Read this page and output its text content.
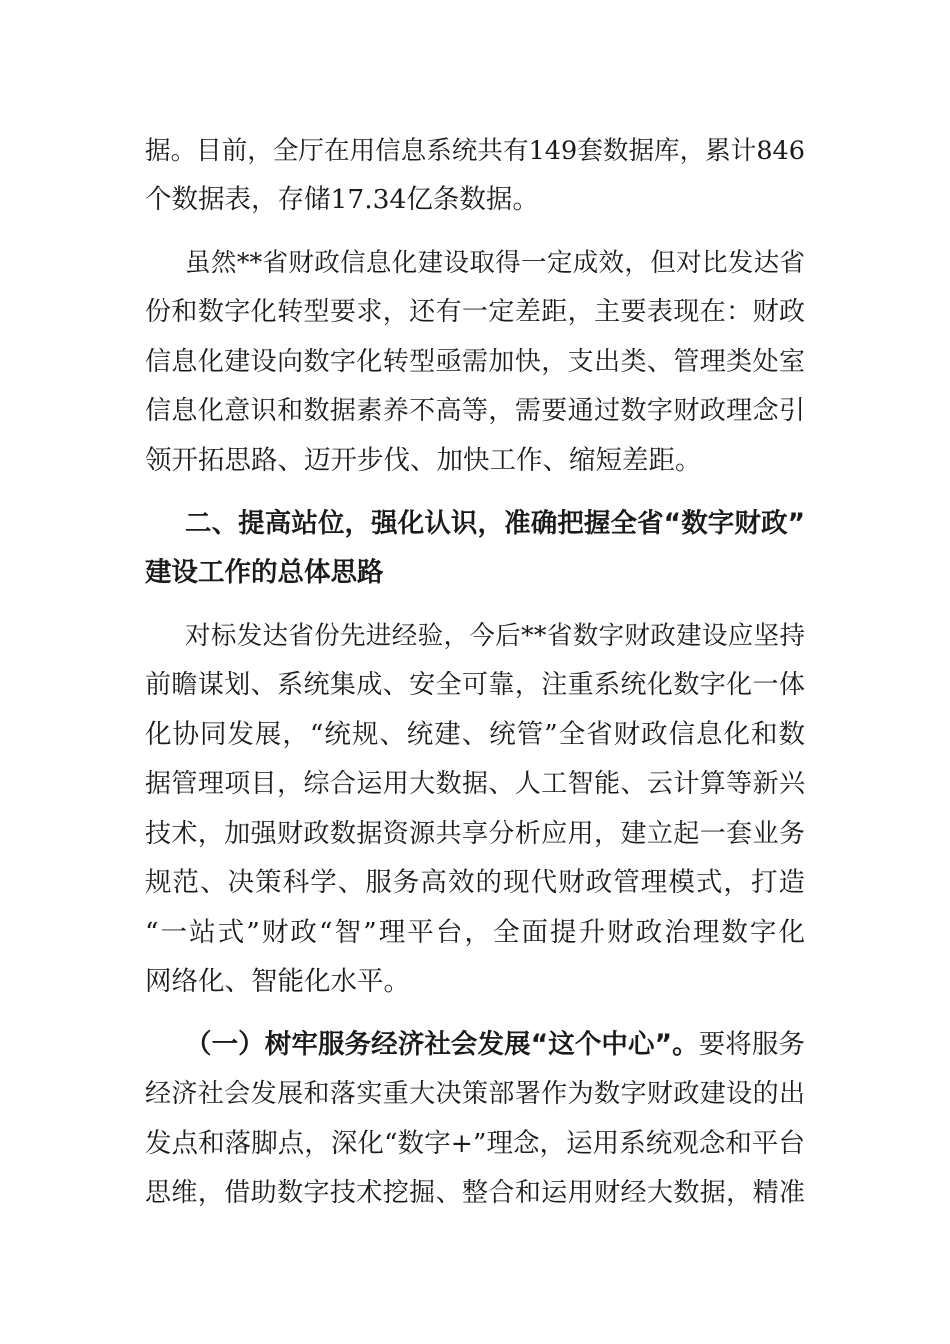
据。目前，全厅在用信息系统共有149套数据库，累计846
个数据表，存储17.34亿条数据。
虽然**省财政信息化建设取得一定成效，但对比发达省
份和数字化转型要求，还有一定差距，主要表现在：财政
信息化建设向数字化转型亟需加快，支出类、管理类处室
信息化意识和数据素养不高等，需要通过数字财政理念引
领开拓思路、迈开步伐、加快工作、缩短差距。
二、提高站位，强化认识，准确把握全省“数字财政”
建设工作的总体思路
对标发达省份先进经验，今后**省数字财政建设应坚持
前瞻谋划、系统集成、安全可靠，注重系统化数字化一体
化协同发展，“统规、统建、统管”全省财政信息化和数
据管理项目，综合运用大数据、人工智能、云计算等新兴
技术，加强财政数据资源共享分析应用，建立起一套业务
规范、决策科学、服务高效的现代财政管理模式，打造
“一站式”财政“智”理平台，全面提升财政治理数字化
网络化、智能化水平。
（一）树牢服务经济社会发展“这个中心”。要将服务
经济社会发展和落实重大决策部署作为数字财政建设的出
发点和落脚点，深化“数字+”理念，运用系统观念和平台
思维，借助数字技术挖掘、整合和运用财经大数据，精准
